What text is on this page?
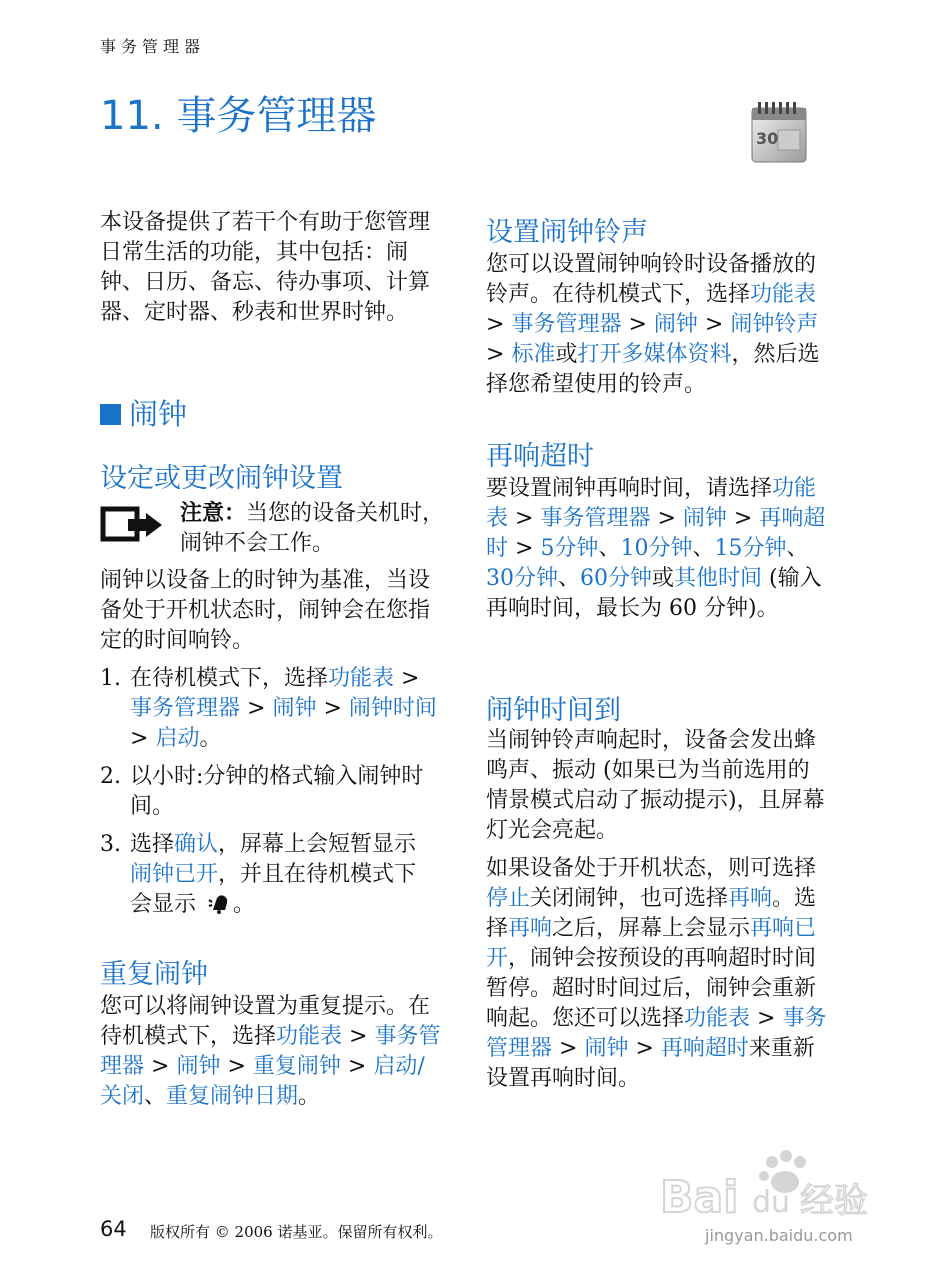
事务管理器
11. 事务管理器	30

本设备提供了若干个有助于您管理日常生活的功能，其中包括：闹钟、日历、备忘、待办事项、计算器、定时器、秒表和世界时钟。

闹钟
设定或更改闹钟设置

注意：当您的设备关机时，闹钟不会工作。

闹钟以设备上的时钟为基准，当设备处于开机状态时，闹钟会在您指定的时间响铃。

1. 在待机模式下，选择功能表 > 事务管理器 > 闹钟 > 闹钟时间 > 启动。

2. 以小时:分钟的格式输入闹钟时间。

3. 选择确认，屏幕上会短暂显示闹钟已开，并且在待机模式下会显示 。

重复闹钟

您可以将闹钟设置为重复提示。在待机模式下，选择功能表 > 事务管理器 > 闹钟 > 重复闹钟 > 启动/关闭、重复闹钟日期。

设置闹钟铃声

您可以设置闹钟响铃时设备播放的铃声。在待机模式下，选择功能表 > 事务管理器 > 闹钟 > 闹钟铃声 > 标准或打开多媒体资料，然后选择您希望使用的铃声。

再响超时

要设置闹钟再响时间，请选择功能表 > 事务管理器 > 闹钟 > 再响超时 > 5分钟、10分钟、15分钟、30分钟、60分钟或其他时间 (输入再响时间，最长为 60 分钟)。

闹钟时间到

当闹钟铃声响起时，设备会发出蜂鸣声、振动 (如果已为当前选用的情景模式启动了振动提示)，且屏幕灯光会亮起。

如果设备处于开机状态，则可选择停止关闭闹钟，也可选择再响。选择再响之后，屏幕上会显示再响已开，闹钟会按预设的再响超时时间暂停。超时时间过后，闹钟会重新响起。您还可以选择功能表 > 事务管理器 > 闹钟 > 再响超时来重新设置再响时间。

64 版权所有 © 2006 诺基亚。保留所有权利。
Bai du 经验
jingyan.baidu.com
